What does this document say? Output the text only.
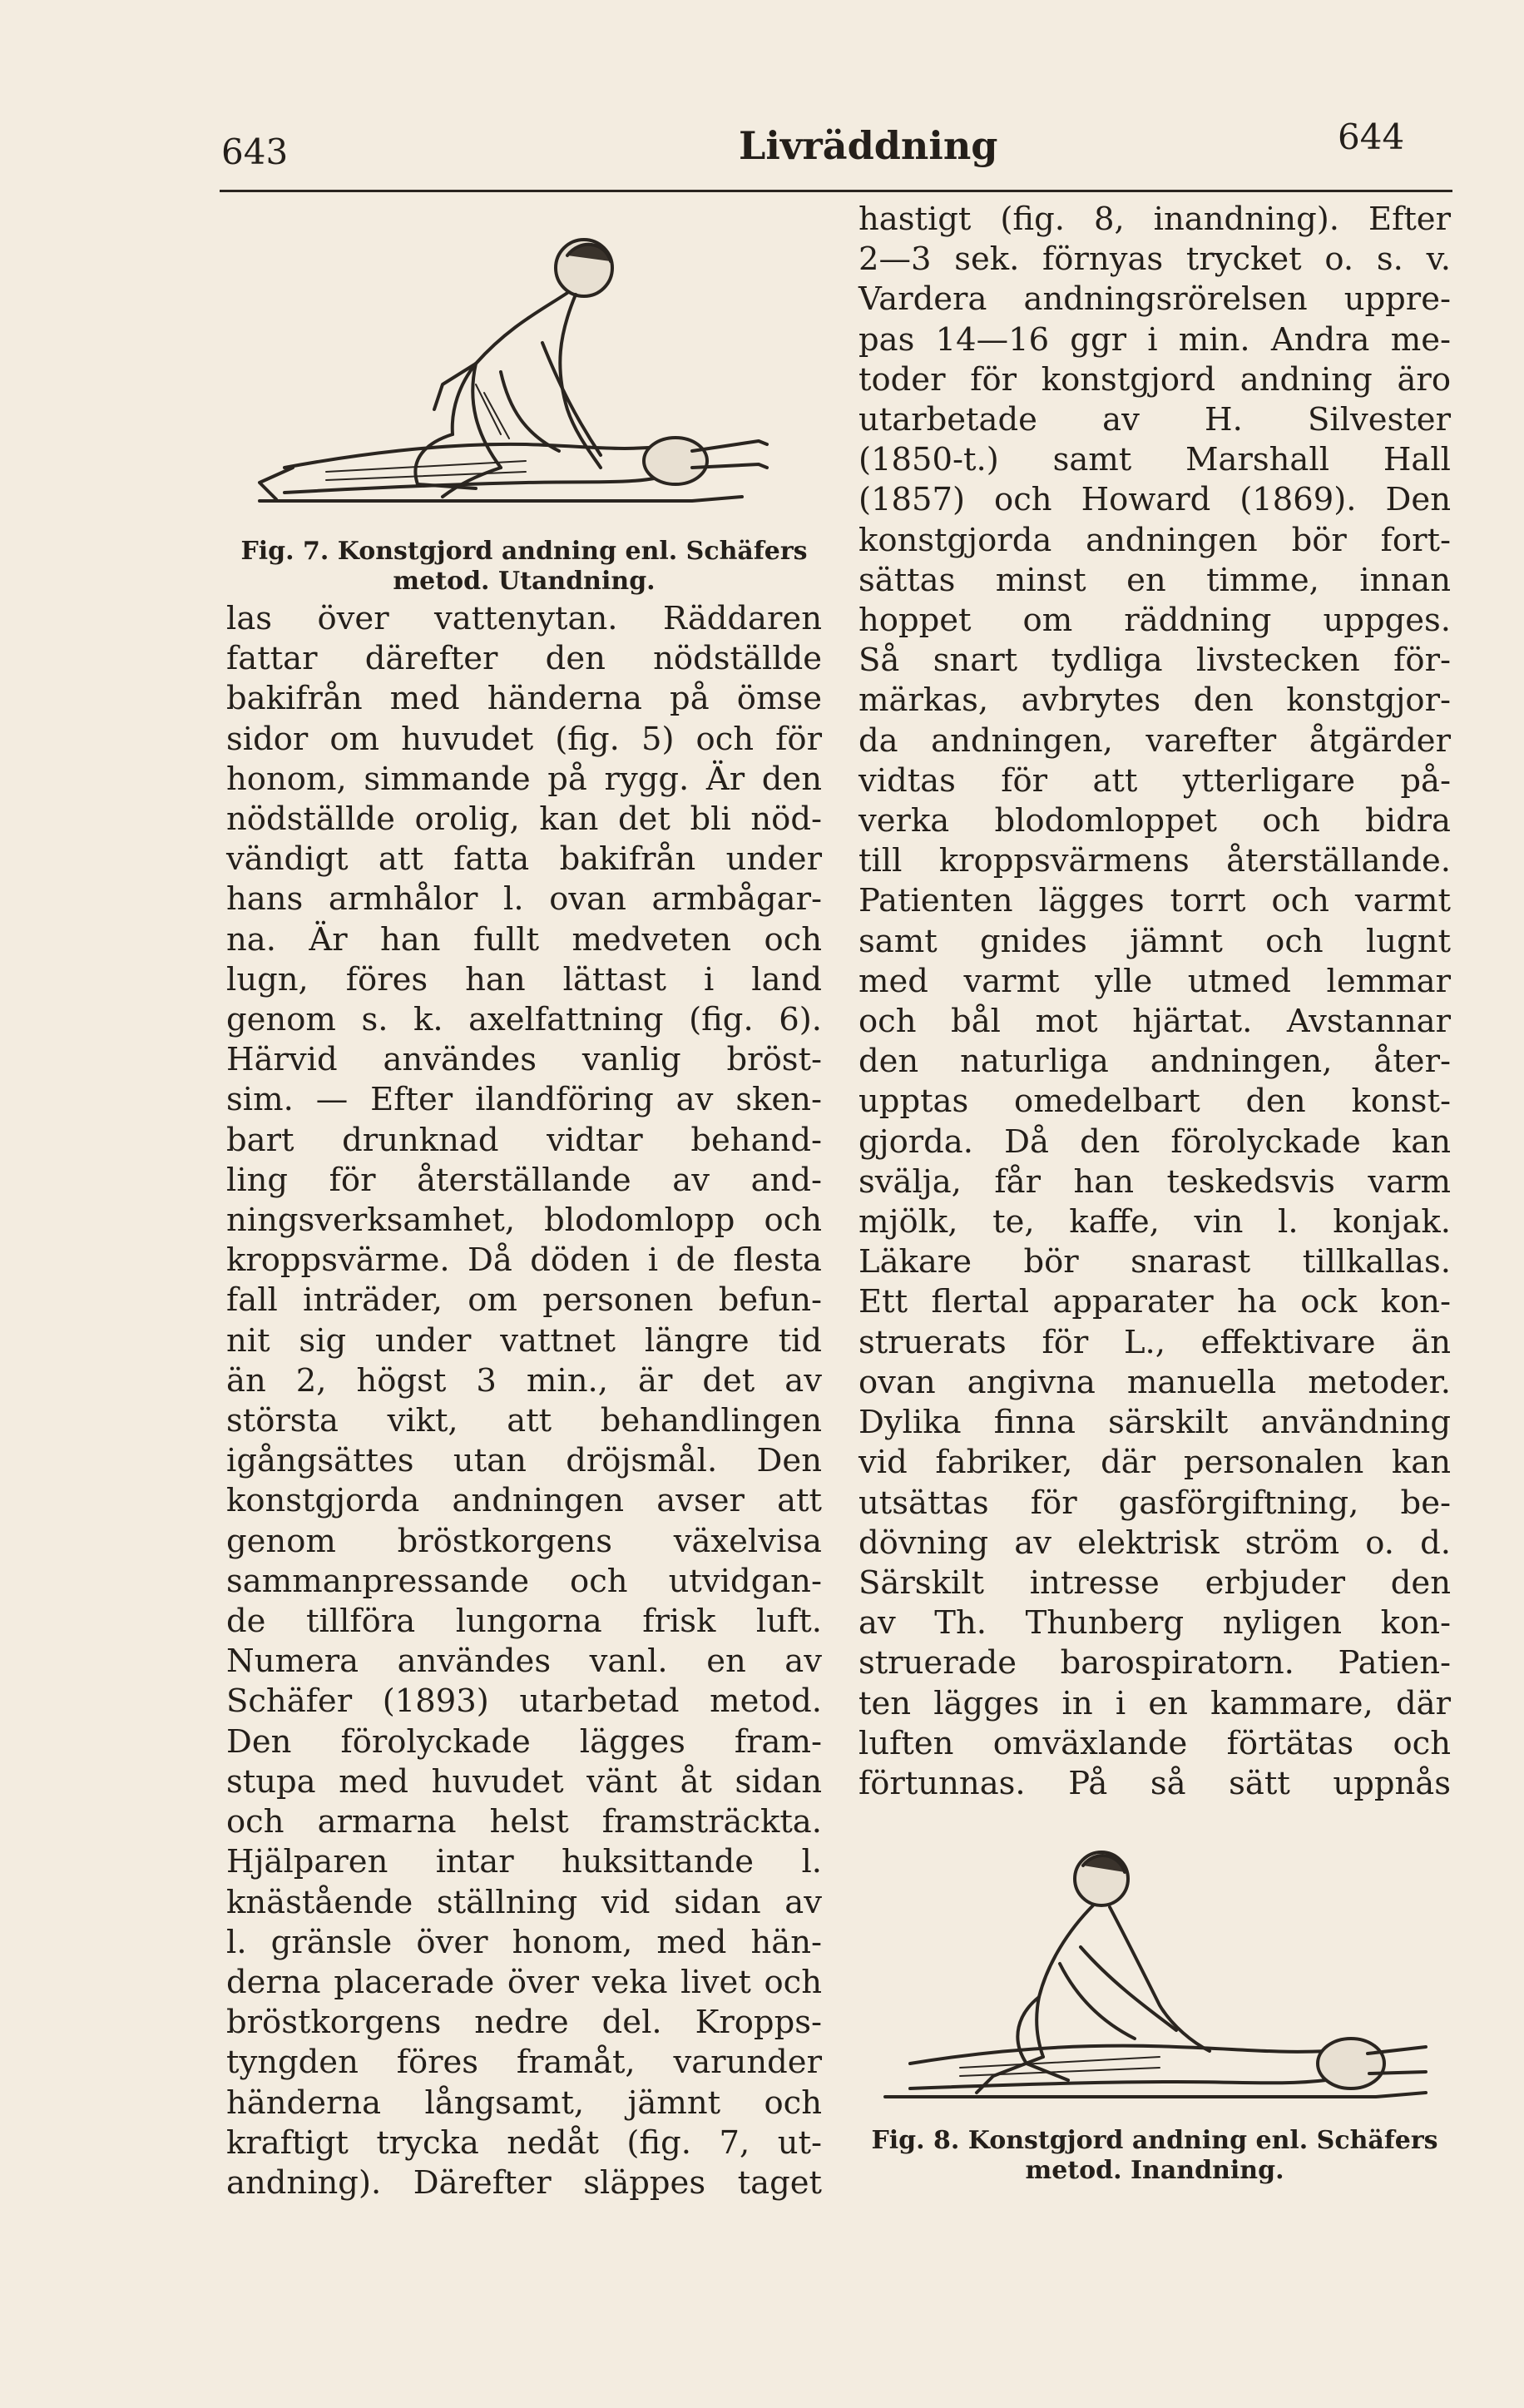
643	Livräddning	644
Fig. 7. Konstgjord andning enl. Schäfers
metod. Utandning.

las över vattenytan. Räddaren

fattar därefter den nödställde

bakifrån med händerna på ömse

sidor om huvudet (fig. 5) och för

honom, simmande på rygg. Är den

nödställde orolig, kan det bli nöd-

vändigt att fatta bakifrån under

hans armhålor l. ovan armbågar-

na. Är han fullt medveten och

lugn, föres han lättast i land

genom s. k. axelfattning (fig. 6).

Härvid användes vanlig bröst-

sim. — Efter ilandföring av sken-

bart drunknad vidtar behand-

ling för återställande av and-

ningsverksamhet, blodomlopp och

kroppsvärme. Då döden i de flesta

fall inträder, om personen befun-

nit sig under vattnet längre tid

än 2, högst 3 min., är det av

största vikt, att behandlingen

igångsättes utan dröjsmål. Den

konstgjorda andningen avser att

genom bröstkorgens växelvisa

sammanpressande och utvidgan-

de tillföra lungorna frisk luft.

Numera användes vanl. en av

Schäfer (1893) utarbetad metod.

Den förolyckade lägges fram-

stupa med huvudet vänt åt sidan

och armarna helst framsträckta.

Hjälparen intar huksittande l.

knästående ställning vid sidan av

l. gränsle över honom, med hän-

derna placerade över veka livet och

bröstkorgens nedre del. Kropps-

tyngden föres framåt, varunder

händerna långsamt, jämnt och

kraftigt trycka nedåt (fig. 7, ut-

andning). Därefter släppes taget

hastigt (fig. 8, inandning). Efter

2—3 sek. förnyas trycket o. s. v.

Vardera andningsrörelsen uppre-

pas 14—16 ggr i min. Andra me-

toder för konstgjord andning äro

utarbetade av H. Silvester

(1850-t.) samt Marshall Hall

(1857) och Howard (1869). Den

konstgjorda andningen bör fort-

sättas minst en timme, innan

hoppet om räddning uppges.

Så snart tydliga livstecken för-

märkas, avbrytes den konstgjor-

da andningen, varefter åtgärder

vidtas för att ytterligare på-

verka blodomloppet och bidra

till kroppsvärmens återställande.

Patienten lägges torrt och varmt

samt gnides jämnt och lugnt

med varmt ylle utmed lemmar

och bål mot hjärtat. Avstannar

den naturliga andningen, åter-

upptas omedelbart den konst-

gjorda. Då den förolyckade kan

svälja, får han teskedsvis varm

mjölk, te, kaffe, vin l. konjak.

Läkare bör snarast tillkallas.

Ett flertal apparater ha ock kon-

struerats för L., effektivare än

ovan angivna manuella metoder.

Dylika finna särskilt användning

vid fabriker, där personalen kan

utsättas för gasförgiftning, be-

dövning av elektrisk ström o. d.

Särskilt intresse erbjuder den

av Th. Thunberg nyligen kon-

struerade barospiratorn. Patien-

ten lägges in i en kammare, där

luften omväxlande förtätas och

förtunnas. På så sätt uppnås

Fig. 8. Konstgjord andning enl. Schäfers
metod. Inandning.
